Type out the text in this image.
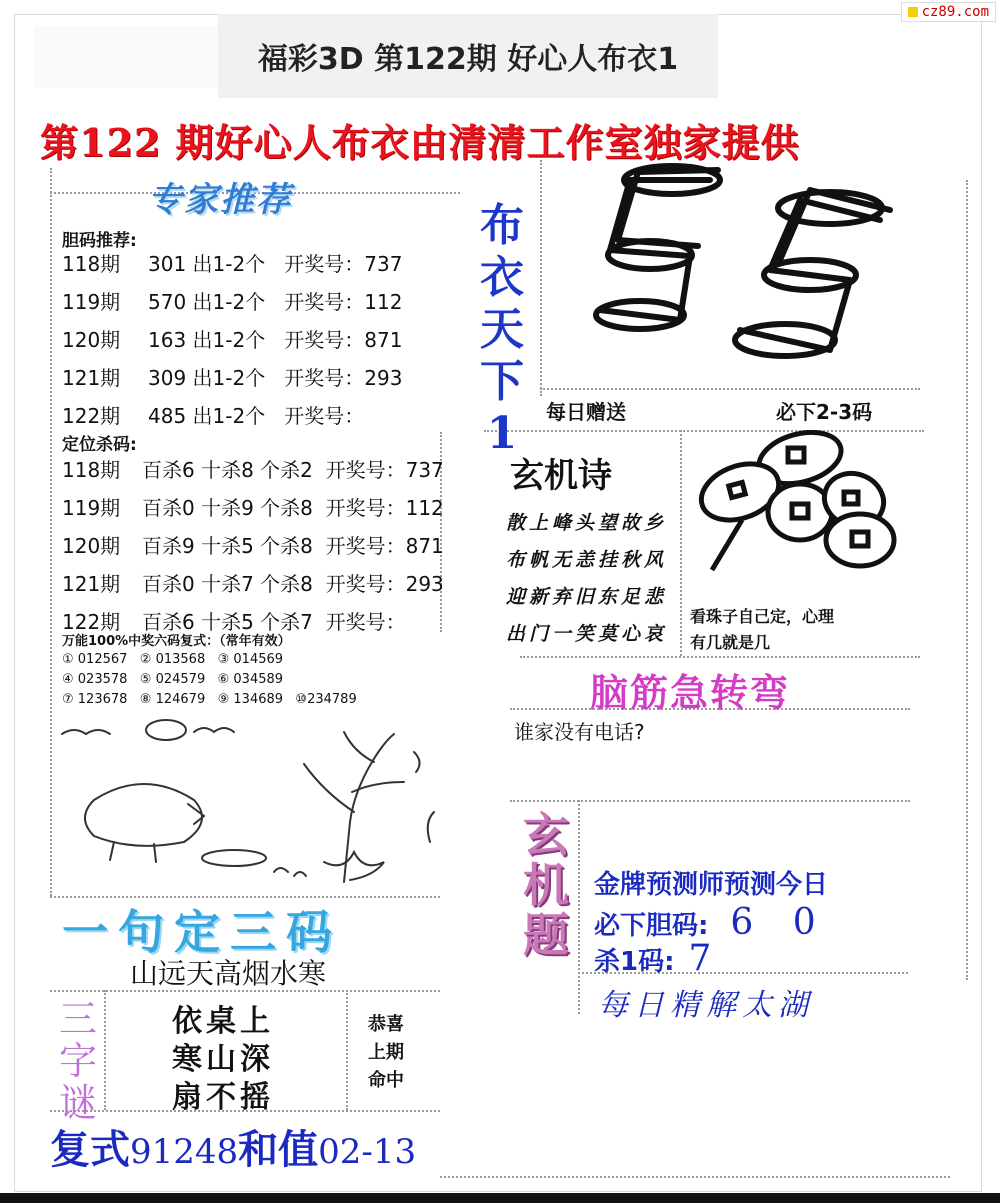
cz89.com
福彩3D 第122期 好心人布衣1
第122 期好心人布衣由清清工作室独家提供
专家推荐
胆码推荐:
118期 301 出1-2个   开奖号：737
119期 570 出1-2个   开奖号：112
120期 163 出1-2个   开奖号：871
121期 309 出1-2个   开奖号：293
122期 485 出1-2个   开奖号：
定位杀码:
118期 百杀6 十杀8 个杀2  开奖号：737
119期 百杀0 十杀9 个杀8  开奖号：112
120期 百杀9 十杀5 个杀8  开奖号：871
121期 百杀0 十杀7 个杀8  开奖号：293
122期 百杀6 十杀5 个杀7  开奖号：
万能100%中奖六码复式：（常年有效）
① 012567   ② 013568   ③ 014569
④ 023578   ⑤ 024579   ⑥ 034589
⑦ 123678   ⑧ 124679   ⑨ 134689   ⑩234789
布
衣
天
下
1	每日赠送	必下2-3码
玄机诗
散上峰头望故乡
布帆无恙挂秋风
迎新弃旧东足悲
出门一笑莫心哀
看珠子自己定，心理
有几就是几
脑筋急转弯
谁家没有电话?
玄
机
题
金牌预测师预测今日
必下胆码: 6 0
杀1码: 7
每日精解太湖
一句定三码
山远天高烟水寒
三
字
谜
依桌上
寒山深
扇不摇
恭喜
上期
命中
复式91248和值02-13
